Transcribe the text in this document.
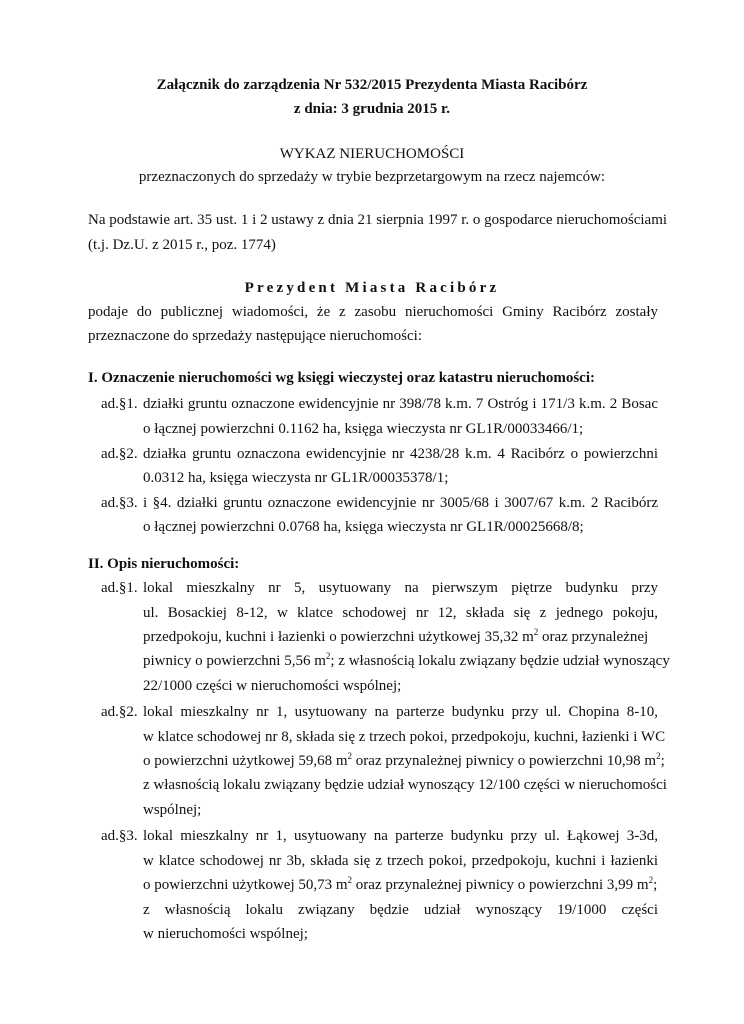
Załącznik do zarządzenia Nr 532/2015 Prezydenta Miasta Racibórz
z dnia: 3 grudnia 2015 r.
WYKAZ NIERUCHOMOŚCI
przeznaczonych do sprzedaży w trybie bezprzetargowym na rzecz najemców:
Na podstawie art. 35 ust. 1 i 2 ustawy z dnia 21 sierpnia 1997 r. o gospodarce nieruchomościami
(t.j. Dz.U. z 2015 r., poz. 1774)
Prezydent Miasta Racibórz
podaje do publicznej wiadomości, że z zasobu nieruchomości Gminy Racibórz zostały
przeznaczone do sprzedaży następujące nieruchomości:
I. Oznaczenie nieruchomości wg księgi wieczystej oraz katastru nieruchomości:
ad.§1. działki gruntu oznaczone ewidencyjnie nr 398/78 k.m. 7 Ostróg i 171/3 k.m. 2 Bosac
o łącznej powierzchni 0.1162 ha, księga wieczysta nr GL1R/00033466/1;
ad.§2. działka gruntu oznaczona ewidencyjnie nr 4238/28 k.m. 4 Racibórz o powierzchni
0.0312 ha, księga wieczysta nr GL1R/00035378/1;
ad.§3. i §4. działki gruntu oznaczone ewidencyjnie nr 3005/68 i 3007/67 k.m. 2 Racibórz
o łącznej powierzchni 0.0768 ha, księga wieczysta nr GL1R/00025668/8;
II. Opis nieruchomości:
ad.§1. lokal mieszkalny nr 5, usytuowany na pierwszym piętrze budynku przy
ul. Bosackiej 8-12, w klatce schodowej nr 12, składa się z jednego pokoju,
przedpokoju, kuchni i łazienki o powierzchni użytkowej 35,32 $m^2$ oraz przynależnej
piwnicy o powierzchni 5,56 $m^2$; z własnością lokalu związany będzie udział wynoszący
22/1000 części w nieruchomości wspólnej;
ad.§2. lokal mieszkalny nr 1, usytuowany na parterze budynku przy ul. Chopina 8-10,
w klatce schodowej nr 8, składa się z trzech pokoi, przedpokoju, kuchni, łazienki i WC
o powierzchni użytkowej 59,68 $m^2$ oraz przynależnej piwnicy o powierzchni 10,98 $m^2$;
z własnością lokalu związany będzie udział wynoszący 12/100 części w nieruchomości
wspólnej;
ad.§3. lokal mieszkalny nr 1, usytuowany na parterze budynku przy ul. Łąkowej 3-3d,
w klatce schodowej nr 3b, składa się z trzech pokoi, przedpokoju, kuchni i łazienki
o powierzchni użytkowej 50,73 $m^2$ oraz przynależnej piwnicy o powierzchni 3,99 $m^2$;
z własnością lokalu związany będzie udział wynoszący 19/1000 części
w nieruchomości wspólnej;
